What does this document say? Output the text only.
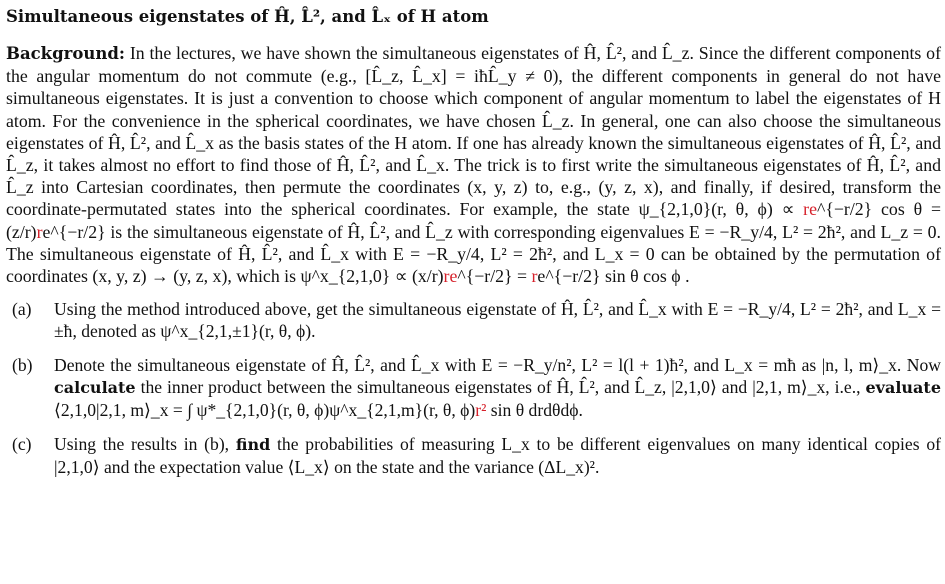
Simultaneous eigenstates of Ĥ, L̂², and L̂ₓ of H atom

Background: In the lectures, we have shown the simultaneous eigenstates of Ĥ, L̂², and L̂_z. Since the different components of the angular momentum do not commute (e.g., [L̂_z, L̂_x] = iħL̂_y ≠ 0), the different components in general do not have simultaneous eigenstates. It is just a convention to choose which component of angular momentum to label the eigenstates of H atom. For the convenience in the spherical coordinates, we have chosen L̂_z. In general, one can also choose the simultaneous eigenstates of Ĥ, L̂², and L̂_x as the basis states of the H atom. If one has already known the simultaneous eigenstates of Ĥ, L̂², and L̂_z, it takes almost no effort to find those of Ĥ, L̂², and L̂_x. The trick is to first write the simultaneous eigenstates of Ĥ, L̂², and L̂_z into Cartesian coordinates, then permute the coordinates (x, y, z) to, e.g., (y, z, x), and finally, if desired, transform the coordinate-permutated states into the spherical coordinates. For example, the state ψ_{2,1,0}(r, θ, ϕ) ∝ re^{−r/2} cos θ = (z/r)re^{−r/2} is the simultaneous eigenstate of Ĥ, L̂², and L̂_z with corresponding eigenvalues E = −R_y/4, L² = 2ħ², and L_z = 0. The simultaneous eigenstate of Ĥ, L̂², and L̂_x with E = −R_y/4, L² = 2ħ², and L_x = 0 can be obtained by the permutation of coordinates (x, y, z) → (y, z, x), which is ψ^x_{2,1,0} ∝ (x/r)re^{−r/2} = re^{−r/2} sin θ cos ϕ .

(a)	Using the method introduced above, get the simultaneous eigenstate of Ĥ, L̂², and L̂_x with E = −R_y/4, L² = 2ħ², and L_x = ±ħ, denoted as ψ^x_{2,1,±1}(r, θ, ϕ).
(b)	Denote the simultaneous eigenstate of Ĥ, L̂², and L̂_x with E = −R_y/n², L² = l(l + 1)ħ², and L_x = mħ as |n, l, m⟩_x. Now calculate the inner product between the simultaneous eigenstates of Ĥ, L̂², and L̂_z, |2,1,0⟩ and |2,1, m⟩_x, i.e., evaluate ⟨2,1,0|2,1, m⟩_x = ∫ ψ*_{2,1,0}(r, θ, ϕ)ψ^x_{2,1,m}(r, θ, ϕ)r² sin θ drdθdϕ.
(c)	Using the results in (b), find the probabilities of measuring L_x to be different eigenvalues on many identical copies of |2,1,0⟩ and the expectation value ⟨L_x⟩ on the state and the variance (ΔL_x)².
